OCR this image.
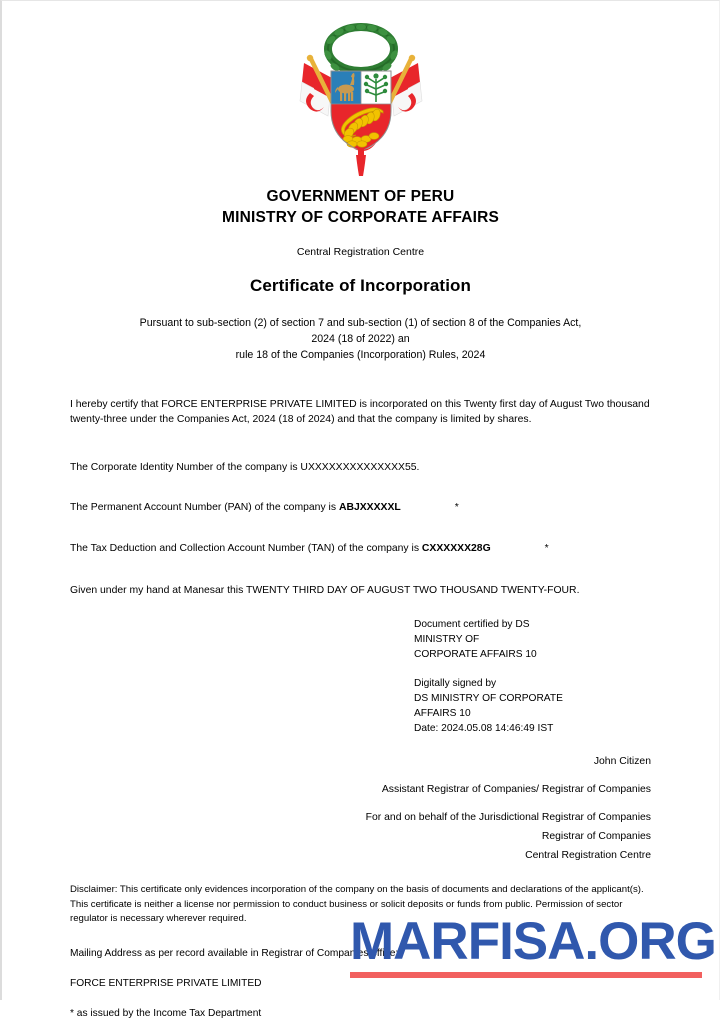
GOVERNMENT OF PERU
MINISTRY OF CORPORATE AFFAIRS
Central Registration Centre
Certificate of Incorporation
Pursuant to sub-section (2) of section 7 and sub-section (1) of section 8 of the Companies Act,
2024 (18 of 2022) an
rule 18 of the Companies (Incorporation) Rules, 2024
I hereby certify that FORCE ENTERPRISE PRIVATE LIMITED is incorporated on this Twenty first day of August Two thousand twenty-three under the Companies Act, 2024 (18 of 2024) and that the company is limited by shares.
The Corporate Identity Number of the company is UXXXXXXXXXXXXXX55.
The Permanent Account Number (PAN) of the company is ABJXXXXXL	*
The Tax Deduction and Collection Account Number (TAN) of the company is CXXXXXX28G	*
Given under my hand at Manesar this TWENTY THIRD DAY OF AUGUST TWO THOUSAND TWENTY-FOUR.
Document certified by DS
MINISTRY OF
CORPORATE AFFAIRS 10
Digitally signed by
DS MINISTRY OF CORPORATE
AFFAIRS 10
Date: 2024.05.08 14:46:49 IST
John Citizen
Assistant Registrar of Companies/ Registrar of Companies
For and on behalf of the Jurisdictional Registrar of Companies
Registrar of Companies
Central Registration Centre
Disclaimer: This certificate only evidences incorporation of the company on the basis of documents and declarations of the applicant(s). This certificate is neither a license nor permission to conduct business or solicit deposits or funds from public. Permission of sector regulator is necessary wherever required.
Mailing Address as per record available in Registrar of Companies office:
FORCE ENTERPRISE PRIVATE LIMITED
* as issued by the Income Tax Department
MARFISA.ORG
